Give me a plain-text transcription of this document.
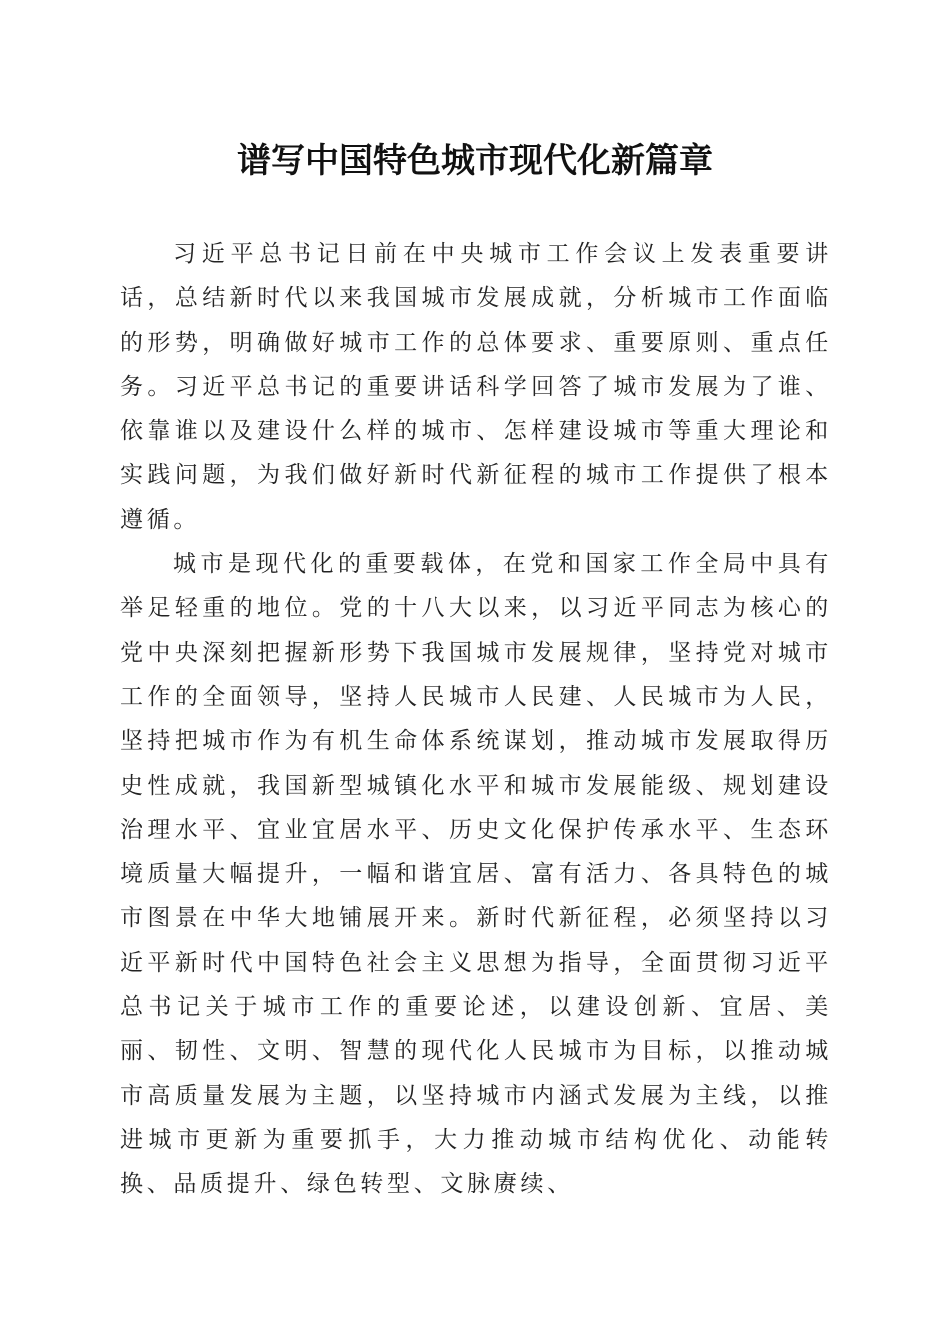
谱写中国特色城市现代化新篇章

习近平总书记日前在中央城市工作会议上发表重要讲话，总结新时代以来我国城市发展成就，分析城市工作面临的形势，明确做好城市工作的总体要求、重要原则、重点任务。习近平总书记的重要讲话科学回答了城市发展为了谁、依靠谁以及建设什么样的城市、怎样建设城市等重大理论和实践问题，为我们做好新时代新征程的城市工作提供了根本遵循。

城市是现代化的重要载体，在党和国家工作全局中具有举足轻重的地位。党的十八大以来，以习近平同志为核心的党中央深刻把握新形势下我国城市发展规律，坚持党对城市工作的全面领导，坚持人民城市人民建、人民城市为人民，坚持把城市作为有机生命体系统谋划，推动城市发展取得历史性成就，我国新型城镇化水平和城市发展能级、规划建设治理水平、宜业宜居水平、历史文化保护传承水平、生态环境质量大幅提升，一幅和谐宜居、富有活力、各具特色的城市图景在中华大地铺展开来。新时代新征程，必须坚持以习近平新时代中国特色社会主义思想为指导，全面贯彻习近平总书记关于城市工作的重要论述，以建设创新、宜居、美丽、韧性、文明、智慧的现代化人民城市为目标，以推动城市高质量发展为主题，以坚持城市内涵式发展为主线，以推进城市更新为重要抓手，大力推动城市结构优化、动能转换、品质提升、绿色转型、文脉赓续、
